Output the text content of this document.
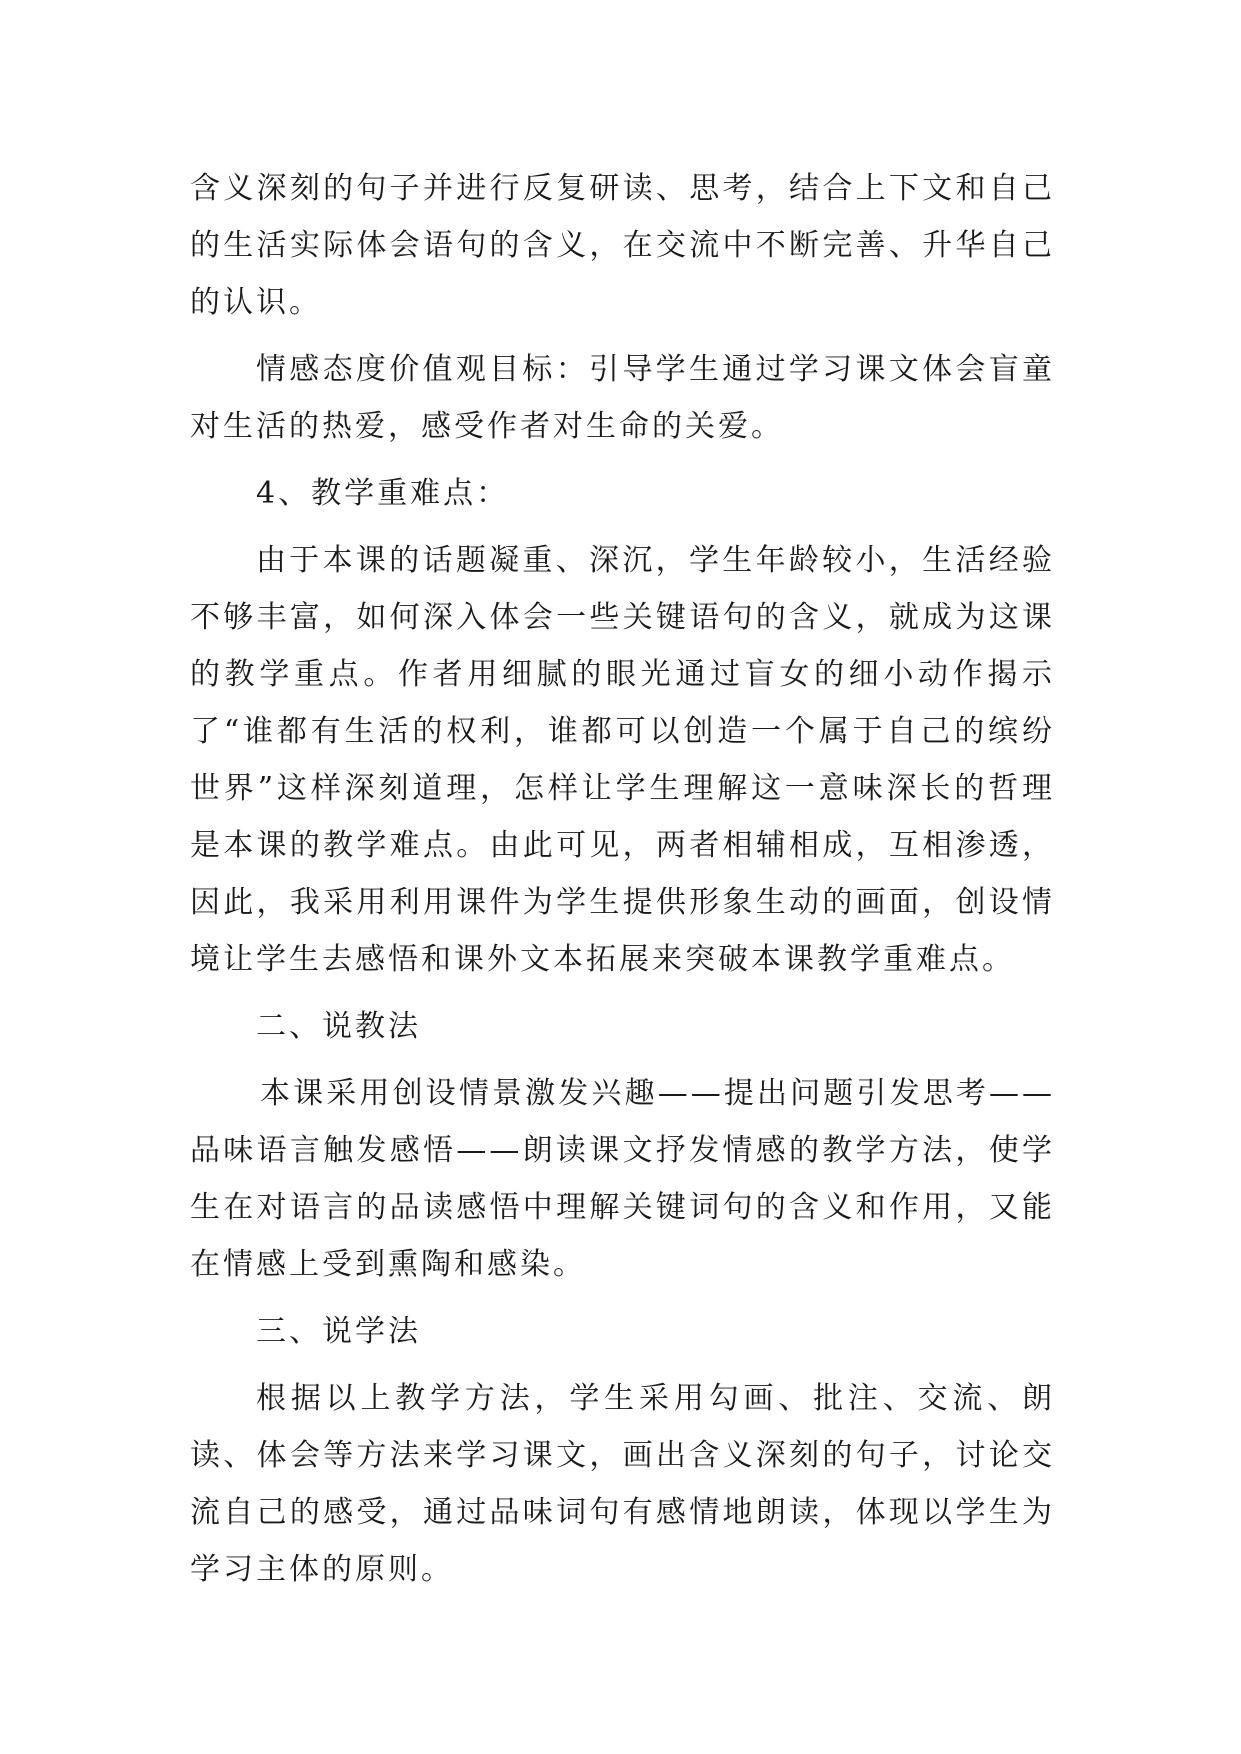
含义深刻的句子并进行反复研读、思考，结合上下文和自己的生活实际体会语句的含义，在交流中不断完善、升华自己的认识。

情感态度价值观目标：引导学生通过学习课文体会盲童对生活的热爱，感受作者对生命的关爱。

4、教学重难点：

由于本课的话题凝重、深沉，学生年龄较小，生活经验不够丰富，如何深入体会一些关键语句的含义，就成为这课的教学重点。作者用细腻的眼光通过盲女的细小动作揭示了“谁都有生活的权利，谁都可以创造一个属于自己的缤纷世界”这样深刻道理，怎样让学生理解这一意味深长的哲理是本课的教学难点。由此可见，两者相辅相成，互相渗透，因此，我采用利用课件为学生提供形象生动的画面，创设情境让学生去感悟和课外文本拓展来突破本课教学重难点。

二、说教法

本课采用创设情景激发兴趣——提出问题引发思考——品味语言触发感悟——朗读课文抒发情感的教学方法，使学生在对语言的品读感悟中理解关键词句的含义和作用，又能在情感上受到熏陶和感染。

三、说学法

根据以上教学方法，学生采用勾画、批注、交流、朗读、体会等方法来学习课文，画出含义深刻的句子，讨论交流自己的感受，通过品味词句有感情地朗读，体现以学生为学习主体的原则。
